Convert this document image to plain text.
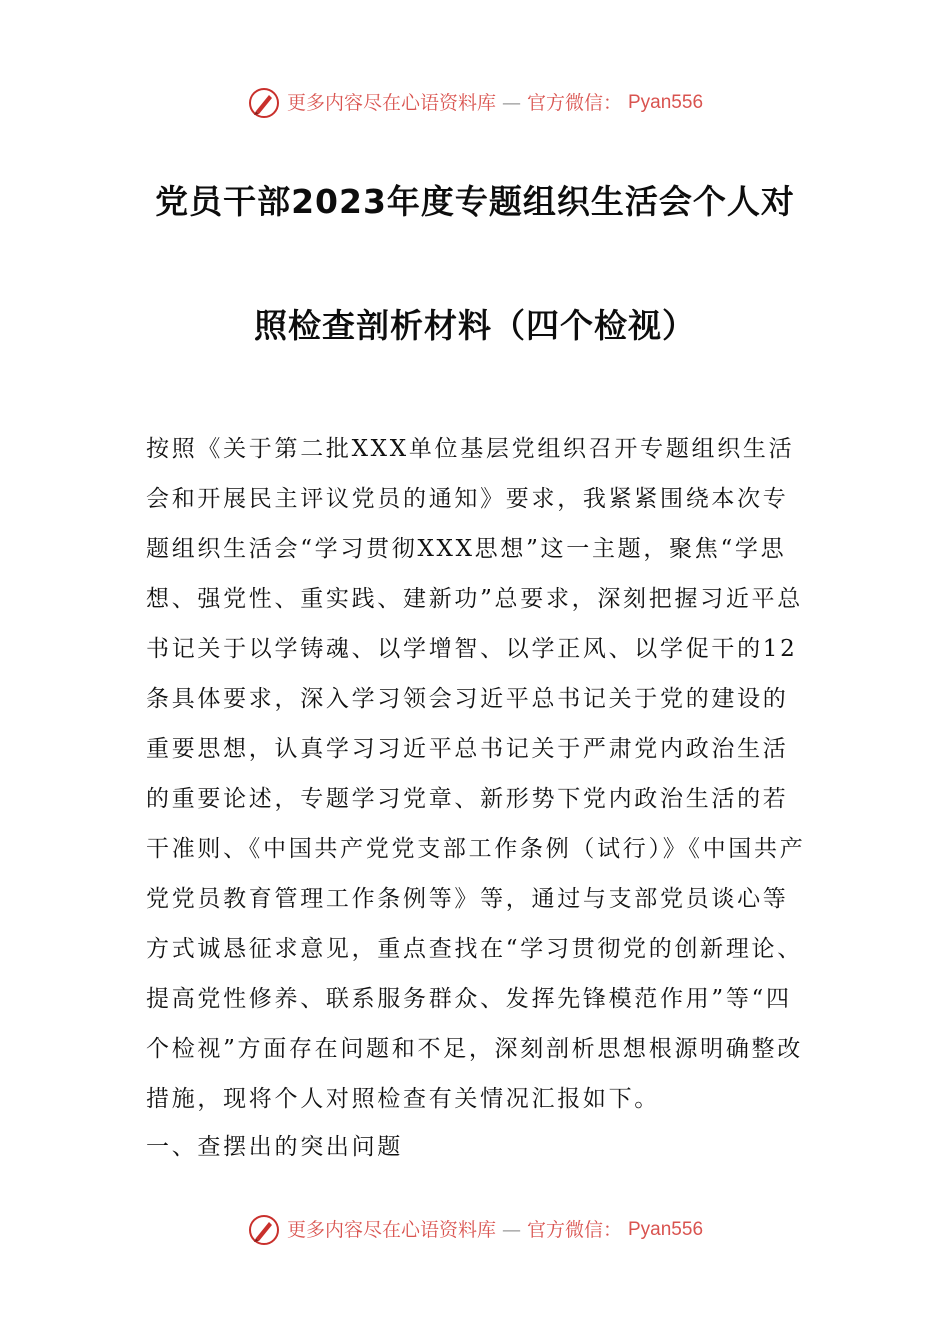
更多内容尽在心语资料库 — 官方微信： Pyan556
党员干部2023年度专题组织生活会个人对
照检查剖析材料（四个检视）

按照《关于第二批XXX单位基层党组织召开专题组织生活会和开展民主评议党员的通知》要求，我紧紧围绕本次专题组织生活会“学习贯彻XXX思想”这一主题，聚焦“学思想、强党性、重实践、建新功”总要求，深刻把握习近平总书记关于以学铸魂、以学增智、以学正风、以学促干的12条具体要求，深入学习领会习近平总书记关于党的建设的重要思想，认真学习习近平总书记关于严肃党内政治生活的重要论述，专题学习党章、新形势下党内政治生活的若干准则、《中国共产党党支部工作条例（试行）》《中国共产党党员教育管理工作条例等》等，通过与支部党员谈心等方式诚恳征求意见，重点查找在“学习贯彻党的创新理论、提高党性修养、联系服务群众、发挥先锋模范作用”等“四个检视”方面存在问题和不足，深刻剖析思想根源明确整改措施，现将个人对照检查有关情况汇报如下。

一、查摆出的突出问题

更多内容尽在心语资料库 — 官方微信： Pyan556
